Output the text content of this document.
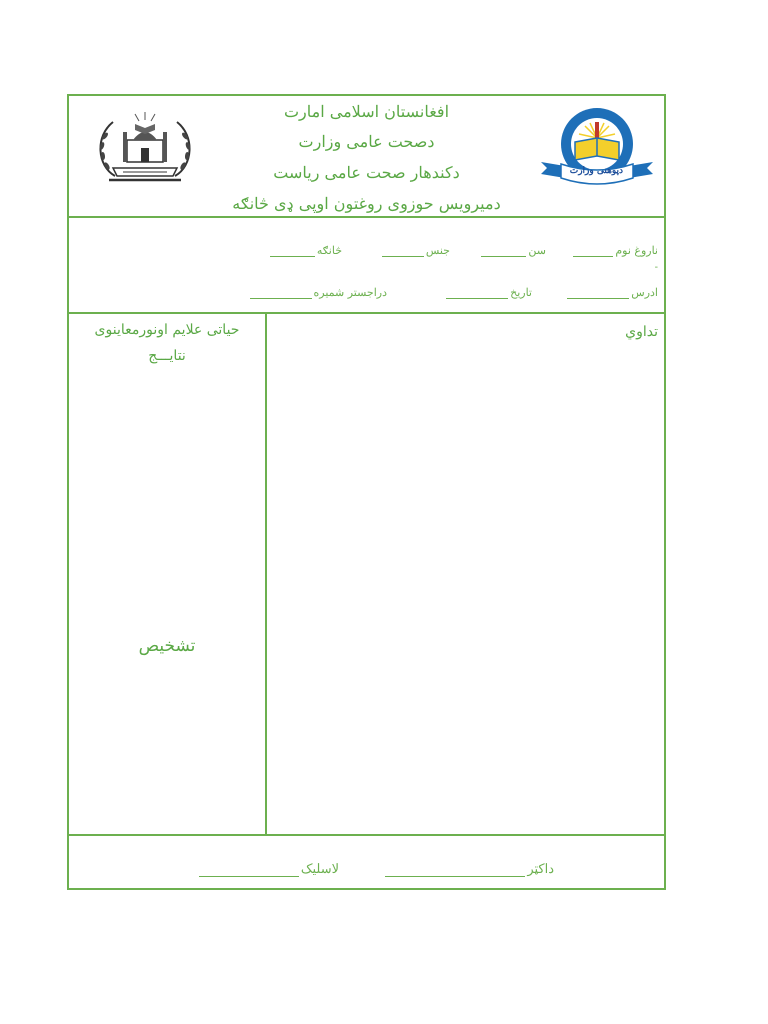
دپوهنی وزارت
افغانستان اسلامی امارت
دصحت عامی وزارت
دکندهار صحت عامی ریاست
دمیرویس حوزوی روغتون اوپی ډی څانګه
ناروغ نوم
سن
جنس
څانګه
-
ادرس
تاریخ
دراجستر شمیره
تداوي
حیاتی علایم اونورمعاینوی
نتایـــج
تشخیص
داکټر
لاسلیک
